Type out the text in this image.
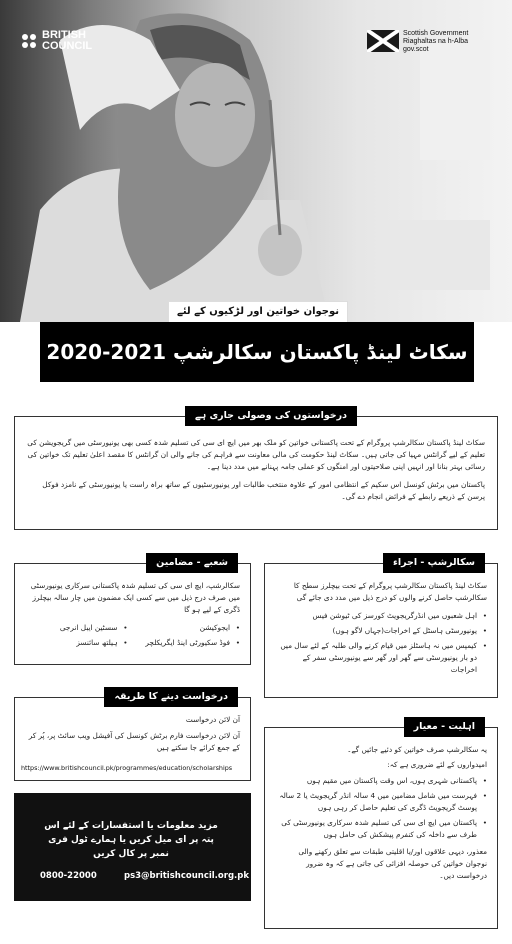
BRITISH
COUNCIL
Scottish Government
Riaghaltas na h-Alba
gov.scot
نوجوان خواتین اور لڑکیوں کے لئے
سکاٹ لینڈ پاکستان سکالرشپ 2021-2020
درخواستوں کی وصولی جاری ہے

سکاٹ لینڈ پاکستان سکالرشپ پروگرام کے تحت پاکستانی خواتین کو ملک بھر میں ایچ ای سی کی تسلیم شدہ کسی بھی یونیورسٹی میں گریجویشن کی تعلیم کے لیے گرانٹس مہیا کی جاتی ہیں۔ سکاٹ لینڈ حکومت کی مالی معاونت سے فراہم کی جانے والی ان گرانٹس کا مقصد اعلیٰ تعلیم تک خواتین کی رسائی بہتر بنانا اور انہیں اپنی صلاحیتوں اور امنگوں کو عملی جامہ پہنانے میں مدد دینا ہے۔

پاکستان میں برٹش کونسل اس سکیم کے انتظامی امور کے علاوہ منتخب طالبات اور یونیورسٹیوں کے ساتھ براہ راست یا یونیورسٹی کے نامزد فوکل پرسن کے ذریعے رابطے کے فرائض انجام دے گی۔

سکالرشپ - اجراء

سکاٹ لینڈ پاکستان سکالرشپ پروگرام کے تحت بیچلرز سطح کا سکالرشپ حاصل کرنے والوں کو درج ذیل میں مدد دی جائے گی

• اہل شعبوں میں انڈرگریجویٹ کورسز کی ٹیوشن فیس
• یونیورسٹی ہاسٹل کے اخراجات(جہاں لاگو ہوں)
• کیمپس میں نہ ہاسٹلز میں قیام کرنے والی طلبہ کے لئے سال میں دو بار یونیورسٹی سے گھر اور گھر سے یونیورسٹی سفر کے اخراجات
شعبے - مضامین

سکالرشپ، ایچ ای سی کی تسلیم شدہ پاکستانی سرکاری یونیورسٹی میں صرف درج ذیل میں سے کسی ایک مضمون میں چار سالہ بیچلرز ڈگری کے لیے ہو گا

• ایجوکیشن
• سسٹین ایبل انرجی
• فوڈ سکیورٹی اینڈ ایگریکلچر
• ہیلتھ سائنسز
درخواست دینے کا طریقہ

آن لائن درخواست

آن لائن درخواست فارم برٹش کونسل کی آفیشل ویب سائٹ پر، پُر کر کے جمع کرائے جا سکتے ہیں

https://www.britishcouncil.pk/programmes/education/scholarships
اہلیت - معیار

یہ سکالرشپ صرف خواتین کو دئیے جائیں گے۔

امیدواروں کے لئے ضروری ہے کہ:

• پاکستانی شہری ہوں، اس وقت پاکستان میں مقیم ہوں
• فہرست میں شامل مضامین میں 4 سالہ انڈر گریجویٹ یا 2 سالہ پوسٹ گریجویٹ ڈگری کی تعلیم حاصل کر رہی ہوں
• پاکستان میں ایچ ای سی کی تسلیم شدہ سرکاری یونیورسٹی کی طرف سے داخلہ کی کنفرم پیشکش کی حامل ہوں

معذور، دیہی علاقوں اور/یا اقلیتی طبقات سے تعلق رکھنے والی نوجوان خواتین کی حوصلہ افزائی کی جاتی ہے کہ وہ ضرور درخواست دیں۔

مزید معلومات یا استفسارات کے لئے اس پتہ پر ای میل کریں یا ہمارے ٹول فری نمبر پر کال کریں
0800-22000	ps3@britishcouncil.org.pk
